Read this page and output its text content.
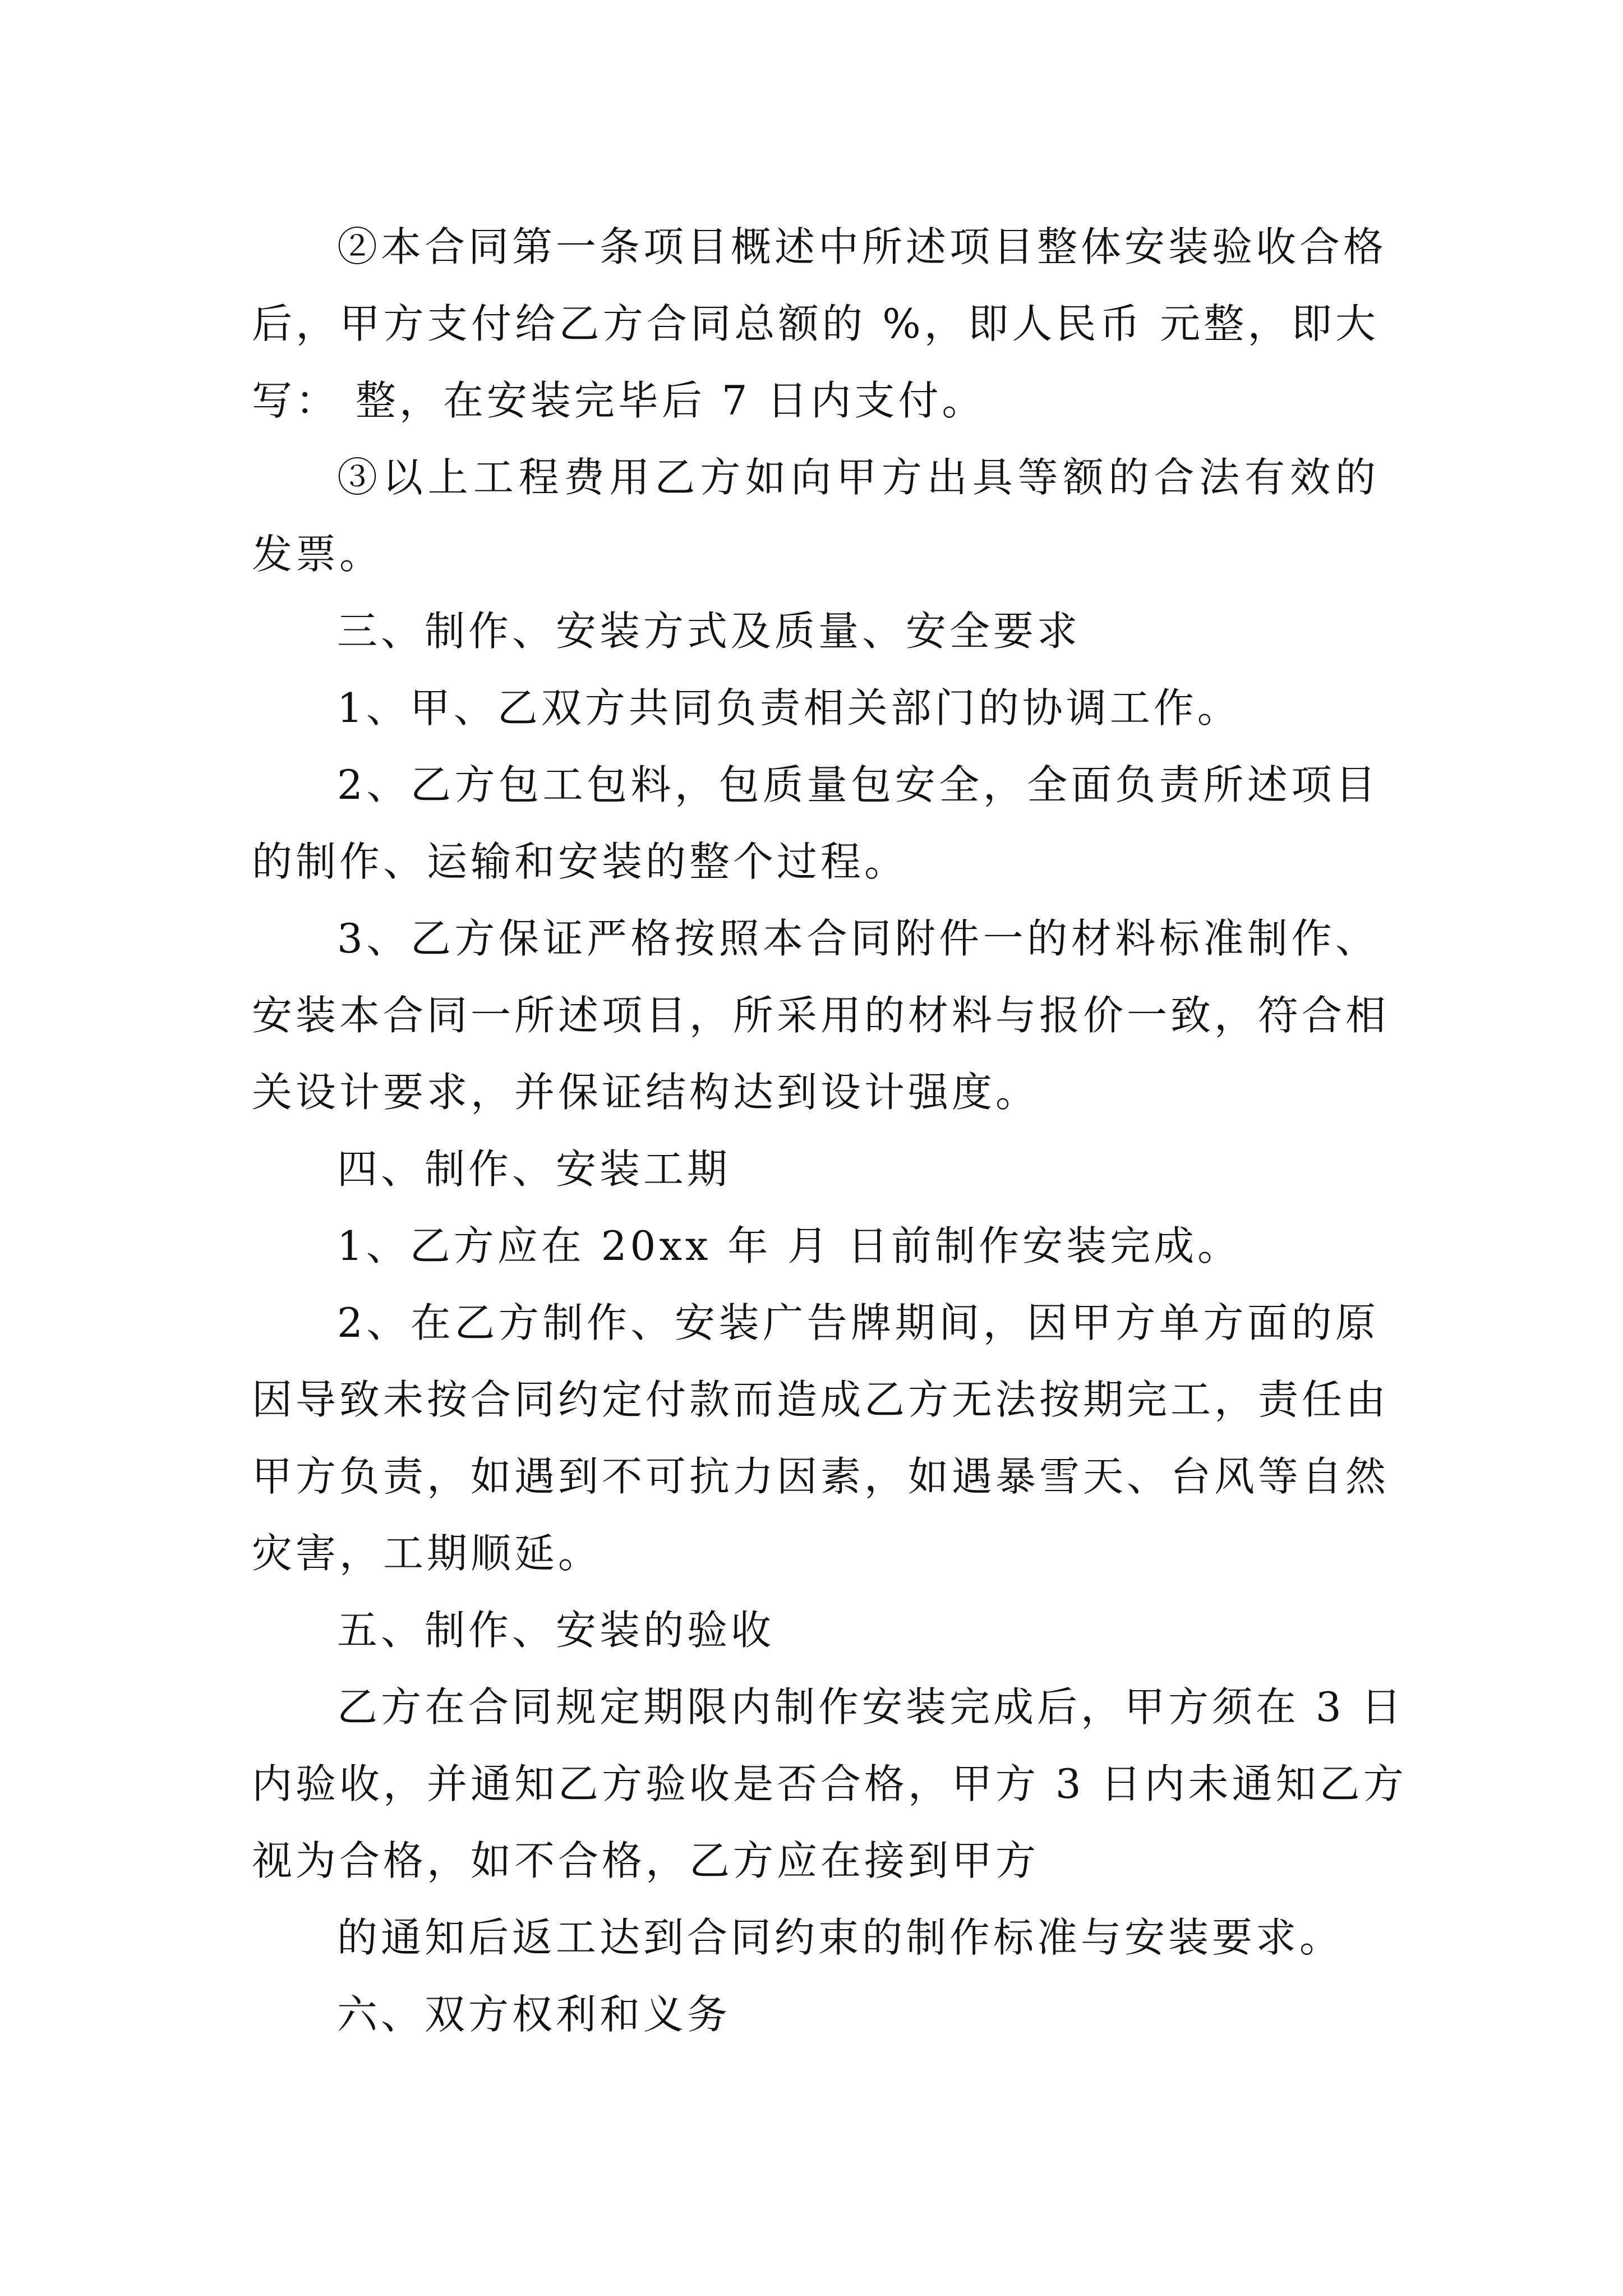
②本合同第一条项目概述中所述项目整体安装验收合格
后，甲方支付给乙方合同总额的 %，即人民币 元整，即大
写： 整，在安装完毕后 7 日内支付。
③以上工程费用乙方如向甲方出具等额的合法有效的
发票。
三、制作、安装方式及质量、安全要求
1、甲、乙双方共同负责相关部门的协调工作。
2、乙方包工包料，包质量包安全，全面负责所述项目
的制作、运输和安装的整个过程。
3、乙方保证严格按照本合同附件一的材料标准制作、
安装本合同一所述项目，所采用的材料与报价一致，符合相
关设计要求，并保证结构达到设计强度。
四、制作、安装工期
1、乙方应在 20xx 年 月 日前制作安装完成。
2、在乙方制作、安装广告牌期间，因甲方单方面的原
因导致未按合同约定付款而造成乙方无法按期完工，责任由
甲方负责，如遇到不可抗力因素，如遇暴雪天、台风等自然
灾害，工期顺延。
五、制作、安装的验收
乙方在合同规定期限内制作安装完成后，甲方须在 3 日
内验收，并通知乙方验收是否合格，甲方 3 日内未通知乙方
视为合格，如不合格，乙方应在接到甲方
的通知后返工达到合同约束的制作标准与安装要求。
六、双方权利和义务
